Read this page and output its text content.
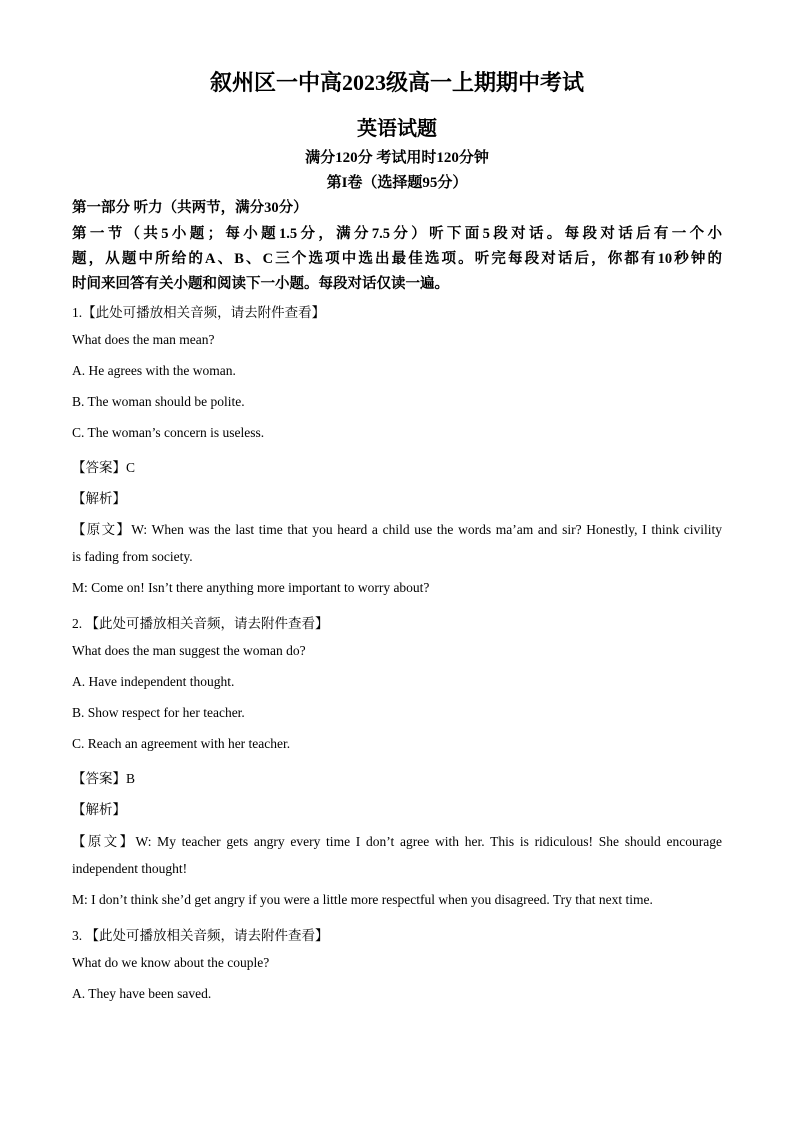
叙州区一中高2023级高一上期期中考试
英语试题
满分120分 考试用时120分钟
第I卷（选择题95分）
第一部分 听力（共两节，满分30分）
第一节（共5小题；每小题1.5分，满分7.5分）听下面5段对话。每段对话后有一个小
题，从题中所给的A、B、C三个选项中选出最佳选项。听完每段对话后，你都有10秒钟的
时间来回答有关小题和阅读下一小题。每段对话仅读一遍。
1.【此处可播放相关音频，请去附件查看】
What does the man mean?
A. He agrees with the woman.
B. The woman should be polite.
C. The woman’s concern is useless.
【答案】C
【解析】
【原文】W: When was the last time that you heard a child use the words ma’am and sir? Honestly, I think civility
is fading from society.
M: Come on! Isn’t there anything more important to worry about?
2. 【此处可播放相关音频，请去附件查看】
What does the man suggest the woman do?
A. Have independent thought.
B. Show respect for her teacher.
C. Reach an agreement with her teacher.
【答案】B
【解析】
【原文】W: My teacher gets angry every time I don’t agree with her. This is ridiculous! She should encourage
independent thought!
M: I don’t think she’d get angry if you were a little more respectful when you disagreed. Try that next time.
3. 【此处可播放相关音频，请去附件查看】
What do we know about the couple?
A. They have been saved.
